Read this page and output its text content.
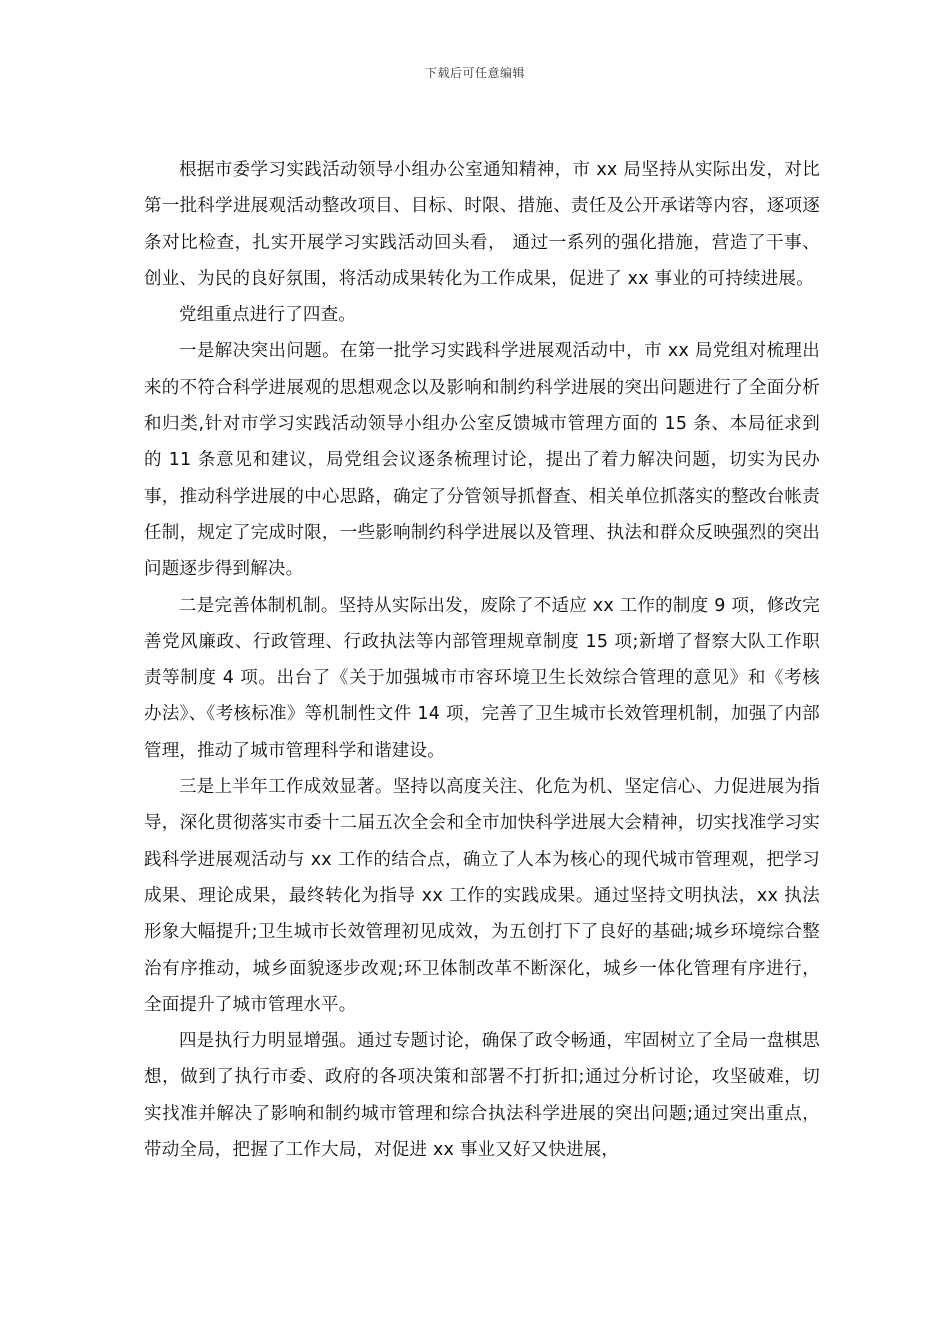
下载后可任意编辑

根据市委学习实践活动领导小组办公室通知精神，市 xx 局坚持从实际出发，对比第一批科学进展观活动整改项目、目标、时限、措施、责任及公开承诺等内容，逐项逐条对比检查，扎实开展学习实践活动回头看， 通过一系列的强化措施，营造了干事、创业、为民的良好氛围，将活动成果转化为工作成果，促进了 xx 事业的可持续进展。

党组重点进行了四查。

一是解决突出问题。在第一批学习实践科学进展观活动中，市 xx 局党组对梳理出来的不符合科学进展观的思想观念以及影响和制约科学进展的突出问题进行了全面分析和归类,针对市学习实践活动领导小组办公室反馈城市管理方面的 15 条、本局征求到的 11 条意见和建议，局党组会议逐条梳理讨论，提出了着力解决问题，切实为民办事，推动科学进展的中心思路，确定了分管领导抓督查、相关单位抓落实的整改台帐责任制，规定了完成时限，一些影响制约科学进展以及管理、执法和群众反映强烈的突出问题逐步得到解决。

二是完善体制机制。坚持从实际出发，废除了不适应 xx 工作的制度 9 项，修改完善党风廉政、行政管理、行政执法等内部管理规章制度 15 项;新增了督察大队工作职责等制度 4 项。出台了《关于加强城市市容环境卫生长效综合管理的意见》和《考核办法》、《考核标准》等机制性文件 14 项，完善了卫生城市长效管理机制，加强了内部管理，推动了城市管理科学和谐建设。

三是上半年工作成效显著。坚持以高度关注、化危为机、坚定信心、力促进展为指导，深化贯彻落实市委十二届五次全会和全市加快科学进展大会精神，切实找准学习实践科学进展观活动与 xx 工作的结合点，确立了人本为核心的现代城市管理观，把学习成果、理论成果，最终转化为指导 xx 工作的实践成果。通过坚持文明执法，xx 执法形象大幅提升;卫生城市长效管理初见成效，为五创打下了良好的基础;城乡环境综合整治有序推动，城乡面貌逐步改观;环卫体制改革不断深化，城乡一体化管理有序进行，全面提升了城市管理水平。

四是执行力明显增强。通过专题讨论，确保了政令畅通，牢固树立了全局一盘棋思想，做到了执行市委、政府的各项决策和部署不打折扣;通过分析讨论，攻坚破难，切实找准并解决了影响和制约城市管理和综合执法科学进展的突出问题;通过突出重点，带动全局，把握了工作大局，对促进 xx 事业又好又快进展，
